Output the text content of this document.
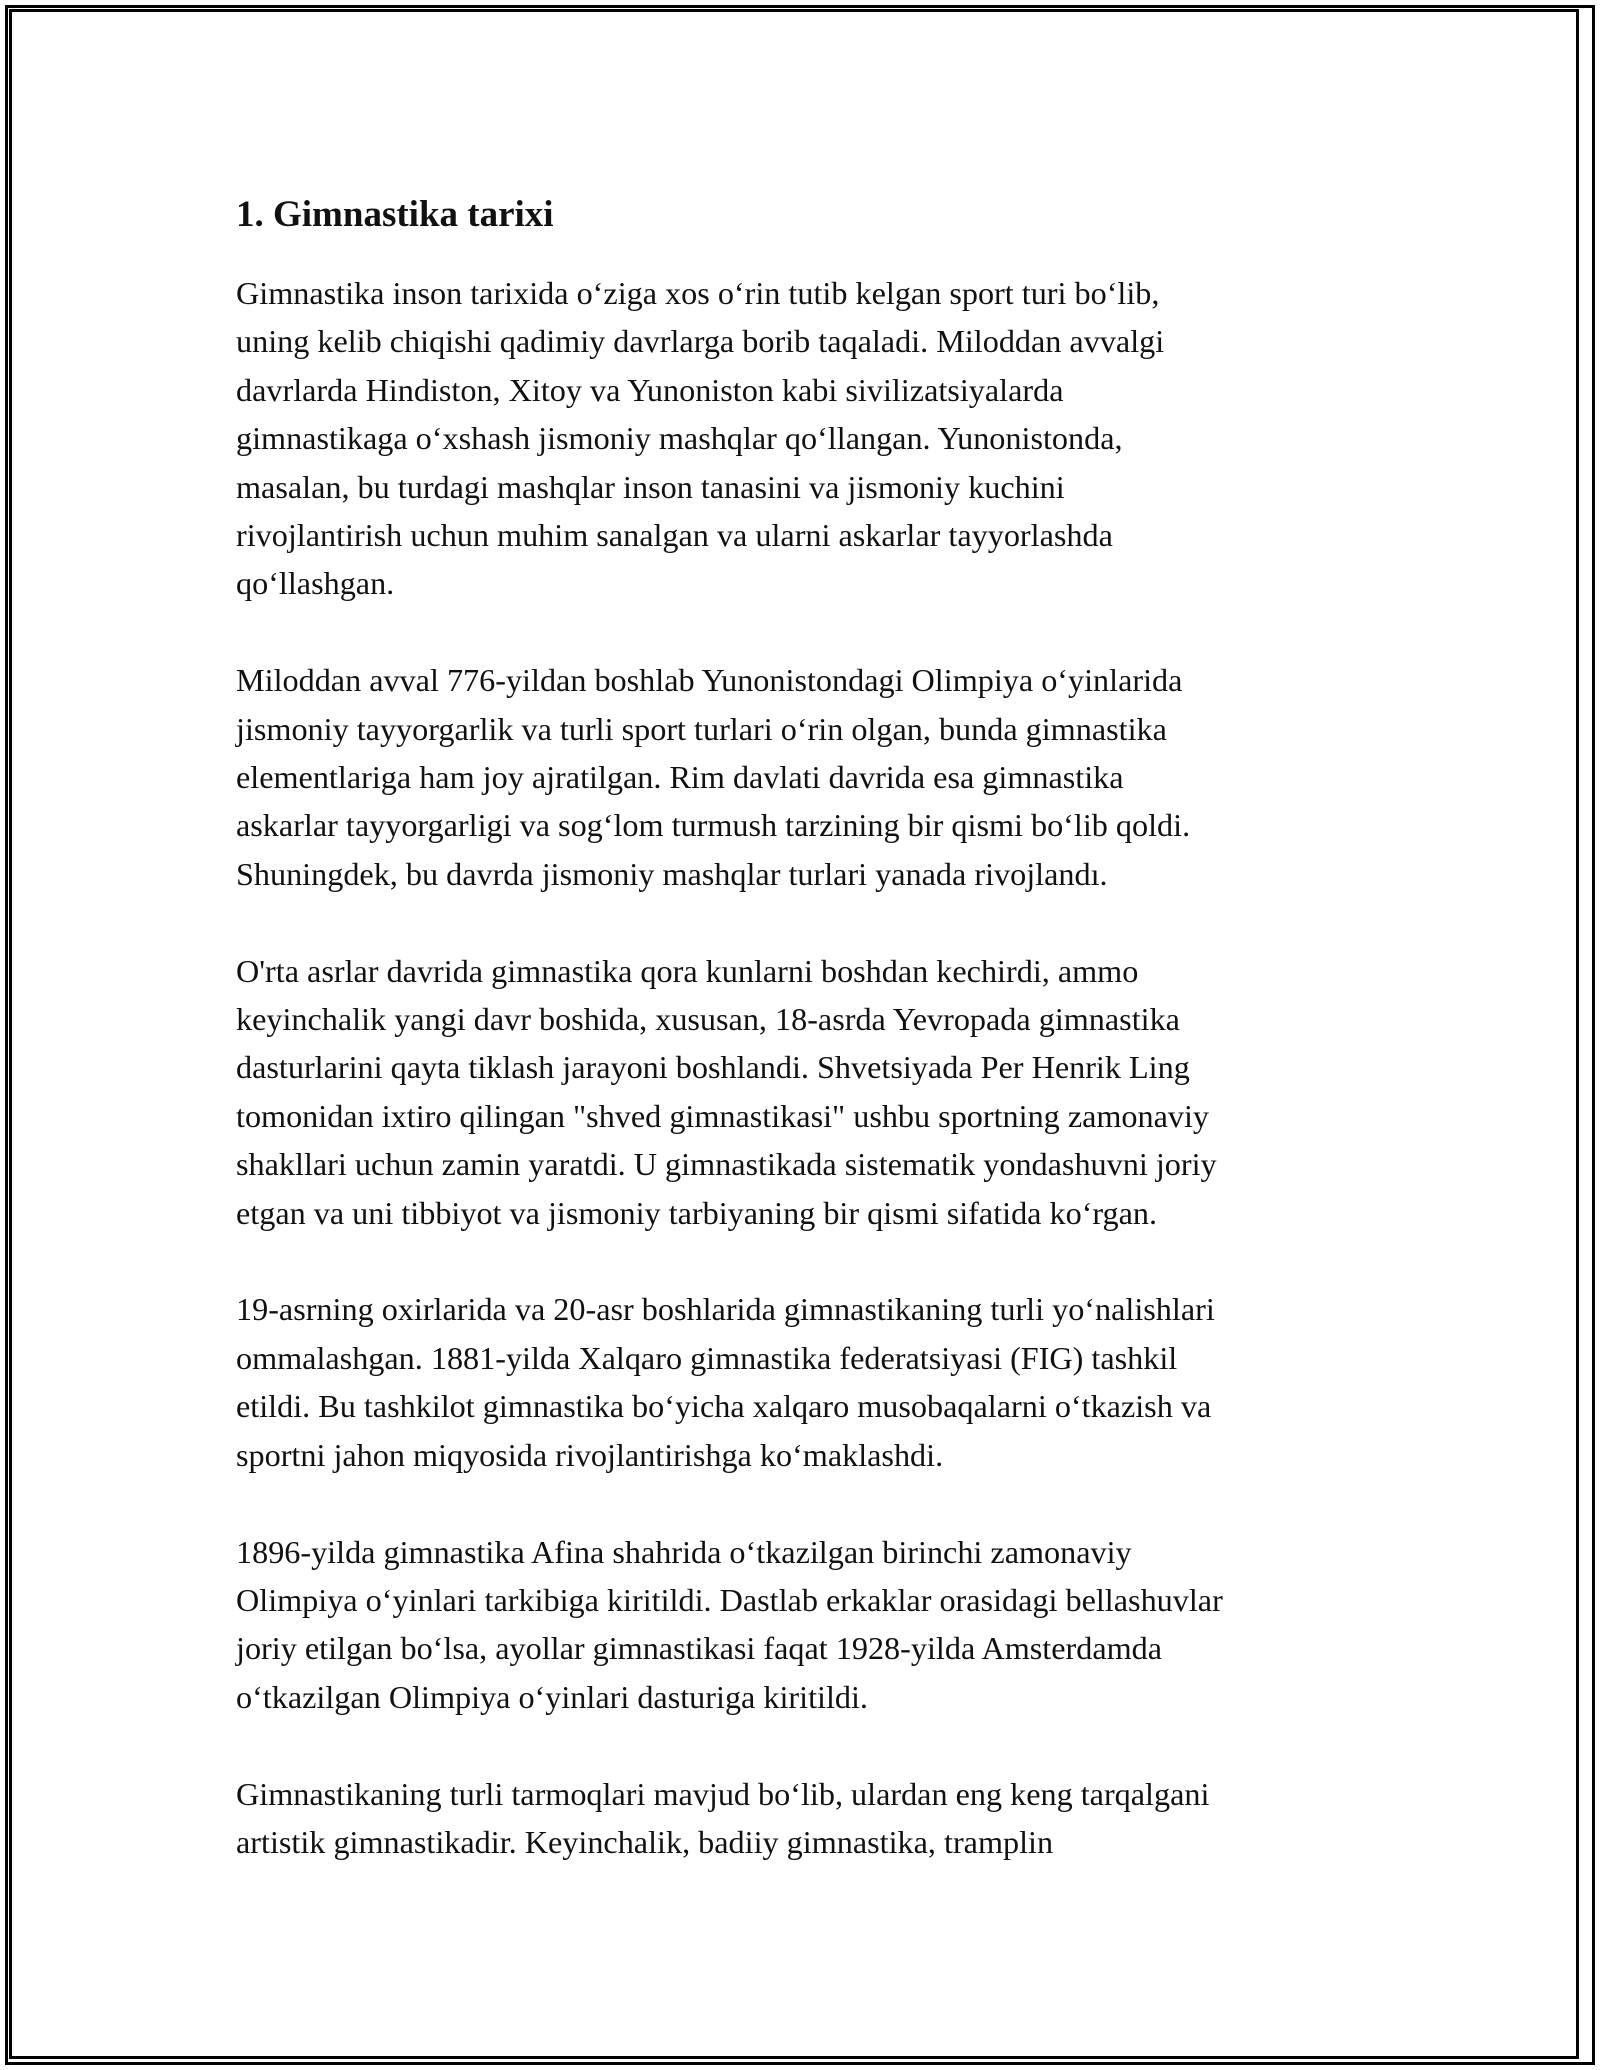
1. Gimnastika tarixi

Gimnastika inson tarixida o‘ziga xos o‘rin tutib kelgan sport turi bo‘lib,
uning kelib chiqishi qadimiy davrlarga borib taqaladi. Miloddan avvalgi
davrlarda Hindiston, Xitoy va Yunoniston kabi sivilizatsiyalarda
gimnastikaga o‘xshash jismoniy mashqlar qo‘llangan. Yunonistonda,
masalan, bu turdagi mashqlar inson tanasini va jismoniy kuchini
rivojlantirish uchun muhim sanalgan va ularni askarlar tayyorlashda
qo‘llashgan.

Miloddan avval 776-yildan boshlab Yunonistondagi Olimpiya o‘yinlarida
jismoniy tayyorgarlik va turli sport turlari o‘rin olgan, bunda gimnastika
elementlariga ham joy ajratilgan. Rim davlati davrida esa gimnastika
askarlar tayyorgarligi va sog‘lom turmush tarzining bir qismi bo‘lib qoldi.
Shuningdek, bu davrda jismoniy mashqlar turlari yanada rivojlandı.

O'rta asrlar davrida gimnastika qora kunlarni boshdan kechirdi, ammo
keyinchalik yangi davr boshida, xususan, 18-asrda Yevropada gimnastika
dasturlarini qayta tiklash jarayoni boshlandi. Shvetsiyada Per Henrik Ling
tomonidan ixtiro qilingan "shved gimnastikasi" ushbu sportning zamonaviy
shakllari uchun zamin yaratdi. U gimnastikada sistematik yondashuvni joriy
etgan va uni tibbiyot va jismoniy tarbiyaning bir qismi sifatida ko‘rgan.

19-asrning oxirlarida va 20-asr boshlarida gimnastikaning turli yo‘nalishlari
ommalashgan. 1881-yilda Xalqaro gimnastika federatsiyasi (FIG) tashkil
etildi. Bu tashkilot gimnastika bo‘yicha xalqaro musobaqalarni o‘tkazish va
sportni jahon miqyosida rivojlantirishga ko‘maklashdi.

1896-yilda gimnastika Afina shahrida o‘tkazilgan birinchi zamonaviy
Olimpiya o‘yinlari tarkibiga kiritildi. Dastlab erkaklar orasidagi bellashuvlar
joriy etilgan bo‘lsa, ayollar gimnastikasi faqat 1928-yilda Amsterdamda
o‘tkazilgan Olimpiya o‘yinlari dasturiga kiritildi.

Gimnastikaning turli tarmoqlari mavjud bo‘lib, ulardan eng keng tarqalgani
artistik gimnastikadir. Keyinchalik, badiiy gimnastika, tramplin
